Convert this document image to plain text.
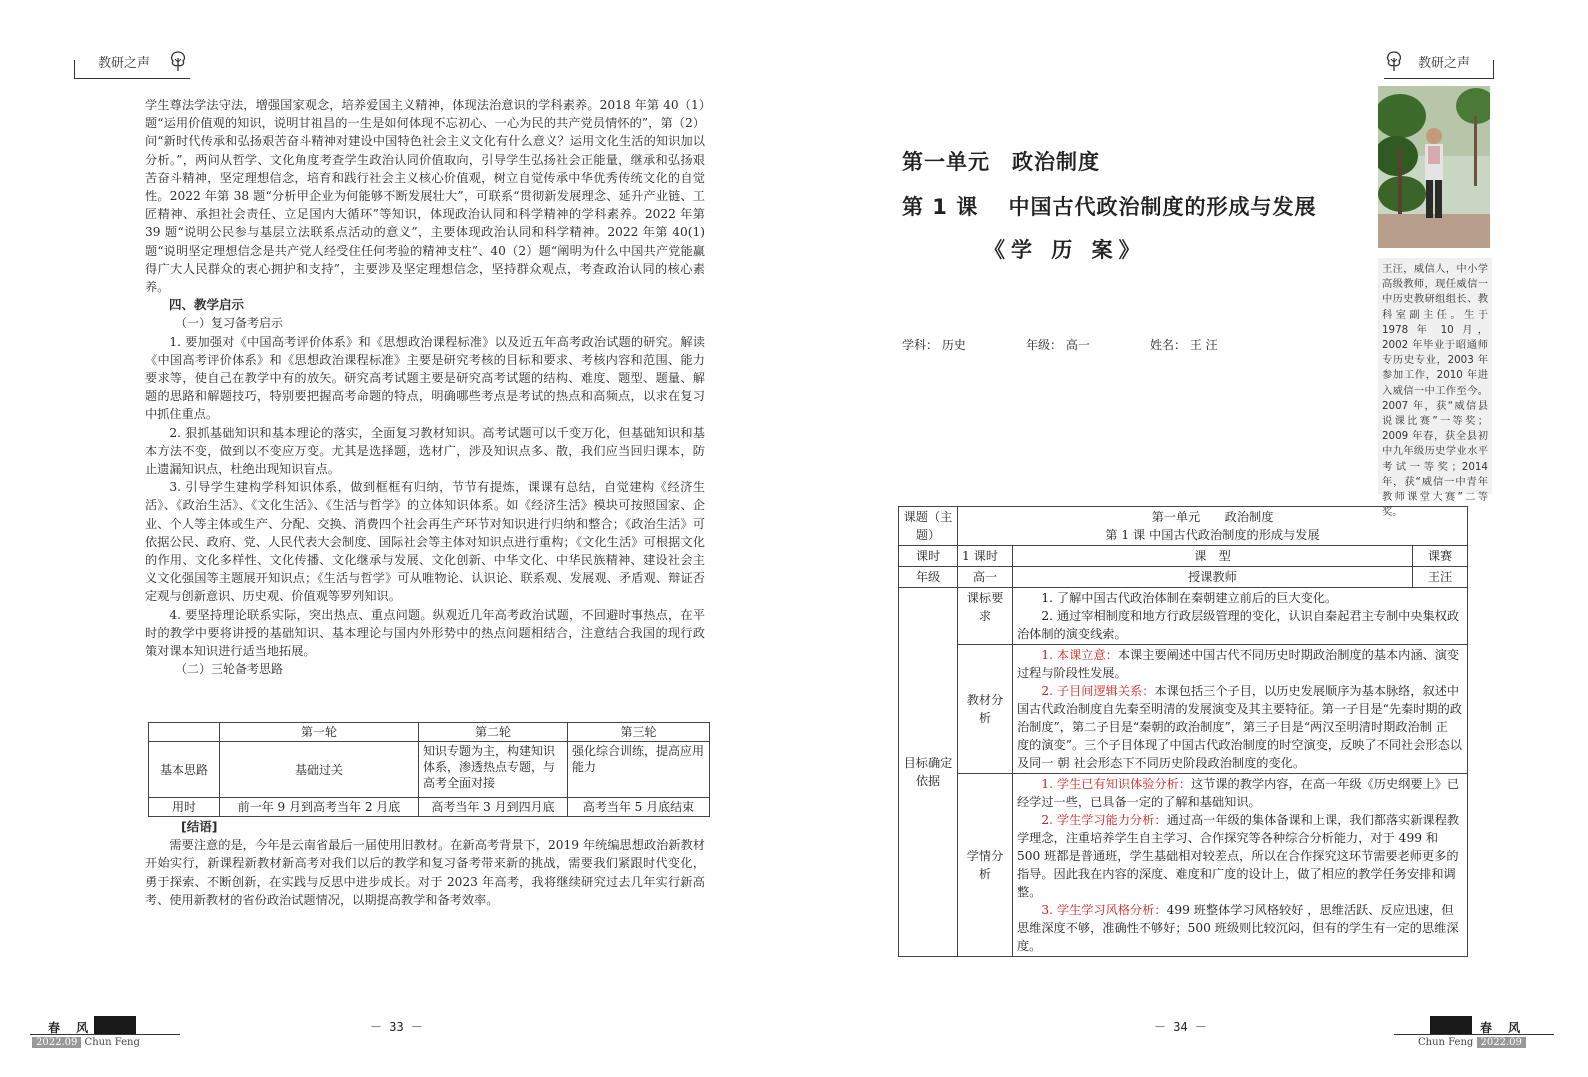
教研之声

学生尊法学法守法，增强国家观念，培养爱国主义精神，体现法治意识的学科素养。2018 年第 40（1）题“运用价值观的知识，说明甘祖昌的一生是如何体现不忘初心、一心为民的共产党员情怀的”，第（2）问“新时代传承和弘扬艰苦奋斗精神对建设中国特色社会主义文化有什么意义？运用文化生活的知识加以分析。”，两问从哲学、文化角度考查学生政治认同价值取向，引导学生弘扬社会正能量，继承和弘扬艰苦奋斗精神，坚定理想信念，培育和践行社会主义核心价值观，树立自觉传承中华优秀传统文化的自觉性。2022 年第 38 题“分析甲企业为何能够不断发展壮大”，可联系“贯彻新发展理念、延升产业链、工匠精神、承担社会责任、立足国内大循环”等知识，体现政治认同和科学精神的学科素养。2022 年第 39 题“说明公民参与基层立法联系点活动的意义”，主要体现政治认同和科学精神。2022 年第 40(1)题“说明坚定理想信念是共产党人经受住任何考验的精神支柱”、40（2）题“阐明为什么中国共产党能赢得广大人民群众的衷心拥护和支持”，主要涉及坚定理想信念，坚持群众观点，考查政治认同的核心素养。

四、教学启示
（一）复习备考启示

1. 要加强对《中国高考评价体系》和《思想政治课程标准》以及近五年高考政治试题的研究。解读《中国高考评价体系》和《思想政治课程标准》主要是研究考核的目标和要求、考核内容和范围、能力要求等，使自己在教学中有的放矢。研究高考试题主要是研究高考试题的结构、难度、题型、题量、解题的思路和解题技巧，特别要把握高考命题的特点，明确哪些考点是考试的热点和高频点，以求在复习中抓住重点。

2. 狠抓基础知识和基本理论的落实，全面复习教材知识。高考试题可以千变万化，但基础知识和基本方法不变，做到以不变应万变。尤其是选择题，选材广，涉及知识点多、散，我们应当回归课本，防止遗漏知识点，杜绝出现知识盲点。

3. 引导学生建构学科知识体系，做到框框有归纳，节节有提炼，课课有总结，自觉建构《经济生活》、《政治生活》、《文化生活》、《生活与哲学》的立体知识体系。如《经济生活》模块可按照国家、企业、个人等主体或生产、分配、交换、消费四个社会再生产环节对知识进行归纳和整合；《政治生活》可依据公民、政府、党、人民代表大会制度、国际社会等主体对知识点进行重构；《文化生活》可根据文化的作用、文化多样性、文化传播、文化继承与发展、文化创新、中华文化、中华民族精神、建设社会主义文化强国等主题展开知识点；《生活与哲学》可从唯物论、认识论、联系观、发展观、矛盾观、辩证否定观与创新意识、历史观、价值观等罗列知识。

4. 要坚持理论联系实际，突出热点、重点问题。纵观近几年高考政治试题，不回避时事热点，在平时的教学中要将讲授的基础知识、基本理论与国内外形势中的热点问题相结合，注意结合我国的现行政策对课本知识进行适当地拓展。

（二）三轮备考思路
	第一轮	第二轮	第三轮
基本思路	基础过关	知识专题为主，构建知识体系，渗透热点专题，与高考全面对接	强化综合训练，提高应用能力
用时	前一年 9 月到高考当年 2 月底	高考当年 3 月到四月底	高考当年 5 月底结束
[结语]

需要注意的是，今年是云南省最后一届使用旧教材。在新高考背景下，2019 年统编思想政治新教材开始实行，新课程新教材新高考对我们以后的教学和复习备考带来新的挑战，需要我们紧跟时代变化，勇于探索、不断创新，在实践与反思中进步成长。对于 2023 年高考，我将继续研究过去几年实行新高考、使用新教材的省份政治试题情况，以期提高教学和备考效率。

春 风
2022.09 Chun Feng
－ 33 －
教研之声
第一单元　政治制度
第 1 课　 中国古代政治制度的形成与发展
《学 历 案》
学科： 历史	年级： 高一	姓名： 王 汪
王汪，威信人，中小学高级教师，现任威信一中历史教研组组长、教科室副主任。生于 1978 年 10 月，2002 年毕业于昭通师专历史专业，2003 年参加工作，2010 年进入威信一中工作至今。2007 年，获“威信县说课比赛”一等奖；2009 年春，获全县初中九年级历史学业水平考试一等奖；2014 年，获“威信一中青年教师课堂大赛”二等奖。
课题（主题）	第一单元　　政治制度
第 1 课 中国古代政治制度的形成与发展		

课时	1 课时	课　型	课赛
年级	高一	授课教师	王汪
目标确定依据	课标要求	1. 了解中国古代政治体制在秦朝建立前后的巨大变化。

2. 通过宰相制度和地方行政层级管理的变化，认识自秦起君主专制中央集权政治体制的演变线索。	

	教材分析	1. 本课立意：本课主要阐述中国古代不同历史时期政治制度的基本内涵、演变过程与阶段性发展。

2. 子目间逻辑关系：本课包括三个子目，以历史发展顺序为基本脉络，叙述中国古代政治制度自先秦至明清的发展演变及其主要特征。第一子目是“先秦时期的政治制度”，第二子目是“秦朝的政治制度”，第三子目是“两汉至明清时期政治制 正 度的演变”。三个子目体现了中国古代政治制度的时空演变，反映了不同社会形态以及同一 朝 社会形态下不同历史阶段政治制度的变化。	

	学情分析	1. 学生已有知识体验分析：这节课的教学内容，在高一年级《历史纲要上》已经学过一些，已具备一定的了解和基础知识。

2. 学生学习能力分析：通过高一年级的集体备课和上课，我们都落实新课程教学理念，注重培养学生自主学习、合作探究等各种综合分析能力，对于 499 和 500 班都是普通班，学生基础相对较差点，所以在合作探究这环节需要老师更多的指导。因此我在内容的深度、难度和广度的设计上，做了相应的教学任务安排和调整。

3. 学生学习风格分析：499 班整体学习风格较好 ，思维活跃、反应迅速，但思维深度不够，准确性不够好；500 班级则比较沉闷，但有的学生有一定的思维深度。	

－ 34 －	春 风
Chun Feng 2022.09
